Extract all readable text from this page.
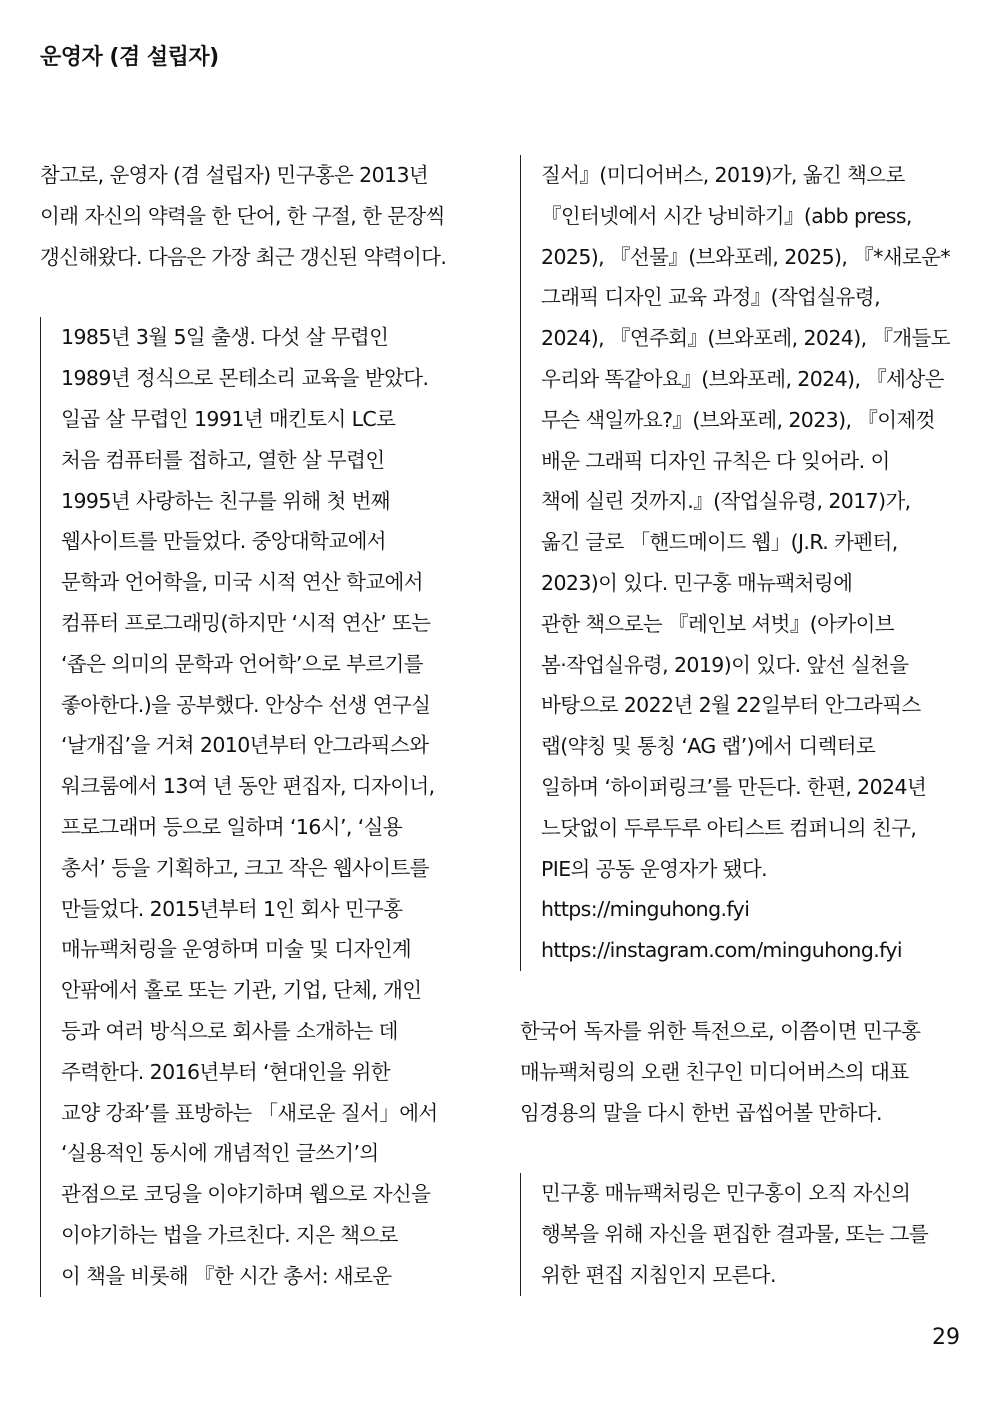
운영자 (겸 설립자)

참고로, 운영자 (겸 설립자) 민구홍은 2013년
이래 자신의 약력을 한 단어, 한 구절, 한 문장씩
갱신해왔다. 다음은 가장 최근 갱신된 약력이다.

1985년 3월 5일 출생. 다섯 살 무렵인
1989년 정식으로 몬테소리 교육을 받았다.
일곱 살 무렵인 1991년 매킨토시 LC로
처음 컴퓨터를 접하고, 열한 살 무렵인
1995년 사랑하는 친구를 위해 첫 번째
웹사이트를 만들었다. 중앙대학교에서
문학과 언어학을, 미국 시적 연산 학교에서
컴퓨터 프로그래밍(하지만 ‘시적 연산’ 또는
‘좁은 의미의 문학과 언어학’으로 부르기를
좋아한다.)을 공부했다. 안상수 선생 연구실
‘날개집’을 거쳐 2010년부터 안그라픽스와
워크룸에서 13여 년 동안 편집자, 디자이너,
프로그래머 등으로 일하며 ‘16시’, ‘실용
총서’ 등을 기획하고, 크고 작은 웹사이트를
만들었다. 2015년부터 1인 회사 민구홍
매뉴팩처링을 운영하며 미술 및 디자인계
안팎에서 홀로 또는 기관, 기업, 단체, 개인
등과 여러 방식으로 회사를 소개하는 데
주력한다. 2016년부터 ‘현대인을 위한
교양 강좌’를 표방하는 「새로운 질서」에서
‘실용적인 동시에 개념적인 글쓰기’의
관점으로 코딩을 이야기하며 웹으로 자신을
이야기하는 법을 가르친다. 지은 책으로
이 책을 비롯해 『한 시간 총서: 새로운
질서』(미디어버스, 2019)가, 옮긴 책으로
『인터넷에서 시간 낭비하기』(abb press,
2025), 『선물』(브와포레, 2025), 『*새로운*
그래픽 디자인 교육 과정』(작업실유령,
2024), 『연주회』(브와포레, 2024), 『개들도
우리와 똑같아요』(브와포레, 2024), 『세상은
무슨 색일까요?』(브와포레, 2023), 『이제껏
배운 그래픽 디자인 규칙은 다 잊어라. 이
책에 실린 것까지.』(작업실유령, 2017)가,
옮긴 글로 「핸드메이드 웹」(J.R. 카펜터,
2023)이 있다. 민구홍 매뉴팩처링에
관한 책으로는 『레인보 셔벗』(아카이브
봄·작업실유령, 2019)이 있다. 앞선 실천을
바탕으로 2022년 2월 22일부터 안그라픽스
랩(약칭 및 통칭 ‘AG 랩’)에서 디렉터로
일하며 ‘하이퍼링크’를 만든다. 한편, 2024년
느닷없이 두루두루 아티스트 컴퍼니의 친구,
PIE의 공동 운영자가 됐다.
https://minguhong.fyi
https://instagram.com/minguhong.fyi

한국어 독자를 위한 특전으로, 이쯤이면 민구홍
매뉴팩처링의 오랜 친구인 미디어버스의 대표
임경용의 말을 다시 한번 곱씹어볼 만하다.

민구홍 매뉴팩처링은 민구홍이 오직 자신의
행복을 위해 자신을 편집한 결과물, 또는 그를
위한 편집 지침인지 모른다.
29
